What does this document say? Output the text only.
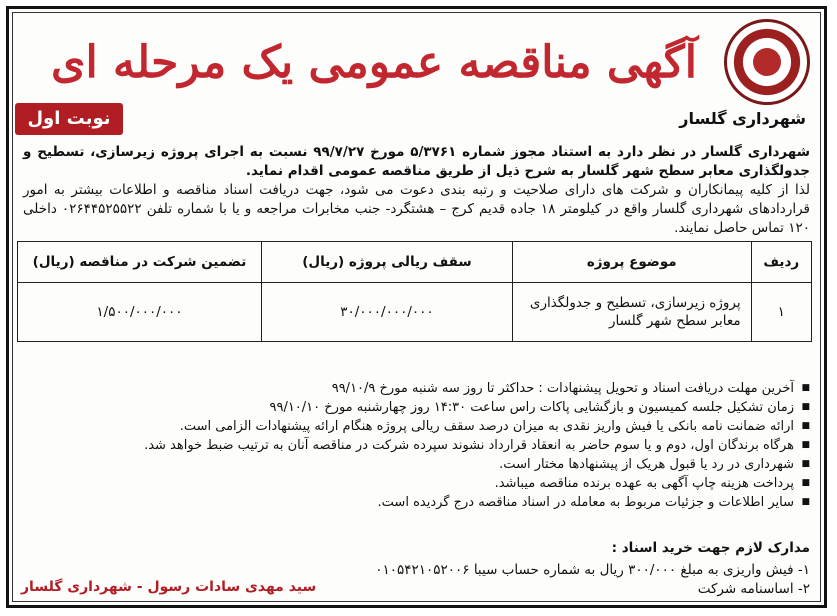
آگهی مناقصه عمومی یک مرحله ای
شهرداری گلسار
نوبت اول

شهرداری گلسار در نظر دارد به استناد مجوز شماره ۵/۳۷۶۱ مورخ ۹۹/۷/۲۷ نسبت به اجرای پروژه زیرسازی، تسطیح و جدولگذاری معابر سطح شهر گلسار به شرح ذیل از طریق مناقصه عمومی اقدام نماید.

لذا از کلیه پیمانکاران و شرکت های دارای صلاحیت و رتبه بندی دعوت می شود، جهت دریافت اسناد مناقصه و اطلاعات بیشتر به امور قراردادهای شهرداری گلسار واقع در کیلومتر ۱۸ جاده قدیم کرج – هشتگرد- جنب مخابرات مراجعه و یا با شماره تلفن ۰۲۶۴۴۵۲۵۵۲۲ داخلی ۱۲۰ تماس حاصل نمایند.

ردیف	موضوع پروژه	سقف ریالی پروژه (ریال)	تضمین شرکت در مناقصه (ریال)
۱	پروژه زیرسازی، تسطیح و جدولگذاری معابر سطح شهر گلسار	۳۰/۰۰۰/۰۰۰/۰۰۰	۱/۵۰۰/۰۰۰/۰۰۰
■ آخرین مهلت دریافت اسناد و تحویل پیشنهادات : حداکثر تا روز سه شنبه مورخ ۹۹/۱۰/۹
■ زمان تشکیل جلسه کمیسیون و بازگشایی پاکات راس ساعت ۱۴:۳۰ روز چهارشنبه مورخ ۹۹/۱۰/۱۰
■ ارائه ضمانت نامه بانکی یا فیش واریز نقدی به میزان درصد سقف ریالی پروژه هنگام ارائه پیشنهادات الزامی است.
■ هرگاه برندگان اول، دوم و یا سوم حاضر به انعقاد قرارداد نشوند سپرده شرکت در مناقصه آنان به ترتیب ضبط خواهد شد.
■ شهرداری در رد یا قبول هریک از پیشنهادها مختار است.
■ پرداخت هزینه چاپ آگهی به عهده برنده مناقصه میباشد.
■ سایر اطلاعات و جزئیات مربوط به معامله در اسناد مناقصه درج گردیده است.
مدارک لازم جهت خرید اسناد :
۱- فیش واریزی به مبلغ ۳۰۰/۰۰۰ ریال به شماره حساب سیبا ۰۱۰۵۴۲۱۰۵۲۰۰۶
۲- اساسنامه شرکت
سید مهدی سادات رسول - شهرداری گلسار
